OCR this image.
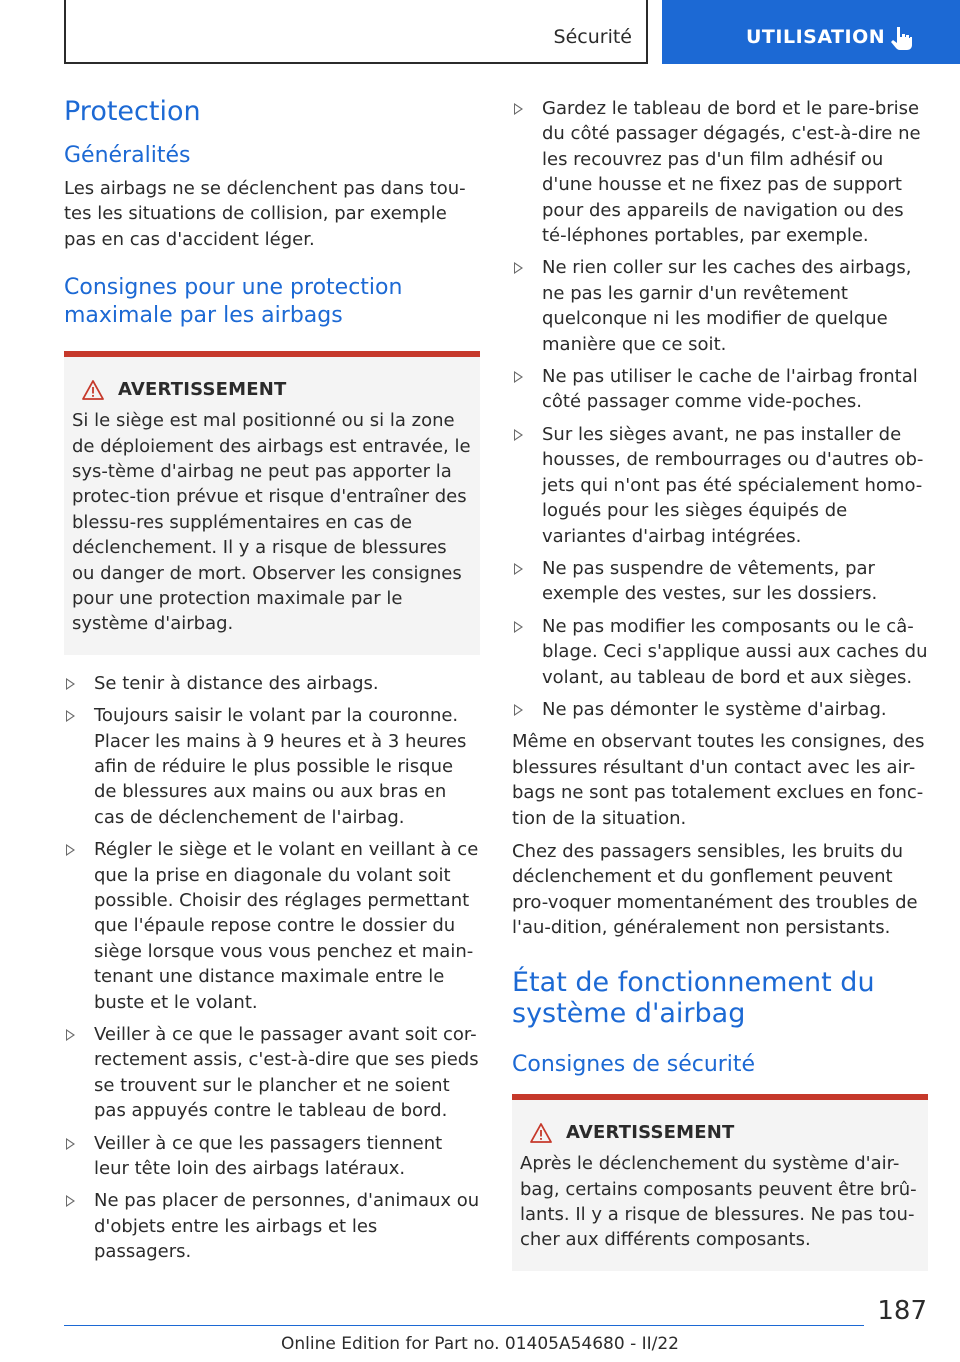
Sécurité	UTILISATION
Protection
Généralités

Les airbags ne se déclenchent pas dans tou-tes les situations de collision, par exemple pas en cas d'accident léger.

Consignes pour une protection maximale par les airbags
AVERTISSEMENT

Si le siège est mal positionné ou si la zone de déploiement des airbags est entravée, le sys-tème d'airbag ne peut pas apporter la protec-tion prévue et risque d'entraîner des blessu-res supplémentaires en cas de déclenchement. Il y a risque de blessures ou danger de mort. Observer les consignes pour une protection maximale par le système d'airbag.

Se tenir à distance des airbags.
Toujours saisir le volant par la couronne. Placer les mains à 9 heures et à 3 heures afin de réduire le plus possible le risque de blessures aux mains ou aux bras en cas de déclenchement de l'airbag.
Régler le siège et le volant en veillant à ce que la prise en diagonale du volant soit possible. Choisir des réglages permettant que l'épaule repose contre le dossier du siège lorsque vous vous penchez et main-tenant une distance maximale entre le buste et le volant.
Veiller à ce que le passager avant soit cor-rectement assis, c'est-à-dire que ses pieds se trouvent sur le plancher et ne soient pas appuyés contre le tableau de bord.
Veiller à ce que les passagers tiennent leur tête loin des airbags latéraux.
Ne pas placer de personnes, d'animaux ou d'objets entre les airbags et les passagers.
Gardez le tableau de bord et le pare-brise du côté passager dégagés, c'est-à-dire ne les recouvrez pas d'un film adhésif ou d'une housse et ne fixez pas de support pour des appareils de navigation ou des té-léphones portables, par exemple.
Ne rien coller sur les caches des airbags, ne pas les garnir d'un revêtement quelconque ni les modifier de quelque manière que ce soit.
Ne pas utiliser le cache de l'airbag frontal côté passager comme vide-poches.
Sur les sièges avant, ne pas installer de housses, de rembourrages ou d'autres ob-jets qui n'ont pas été spécialement homo-logués pour les sièges équipés de variantes d'airbag intégrées.
Ne pas suspendre de vêtements, par exemple des vestes, sur les dossiers.
Ne pas modifier les composants ou le câ-blage. Ceci s'applique aussi aux caches du volant, au tableau de bord et aux sièges.
Ne pas démonter le système d'airbag.

Même en observant toutes les consignes, des blessures résultant d'un contact avec les air-bags ne sont pas totalement exclues en fonc-tion de la situation.

Chez des passagers sensibles, les bruits du déclenchement et du gonflement peuvent pro-voquer momentanément des troubles de l'au-dition, généralement non persistants.

État de fonctionnement du système d'airbag
Consignes de sécurité
AVERTISSEMENT

Après le déclenchement du système d'air-bag, certains composants peuvent être brû-lants. Il y a risque de blessures. Ne pas tou-cher aux différents composants.

187
Online Edition for Part no. 01405A54680 - II/22
